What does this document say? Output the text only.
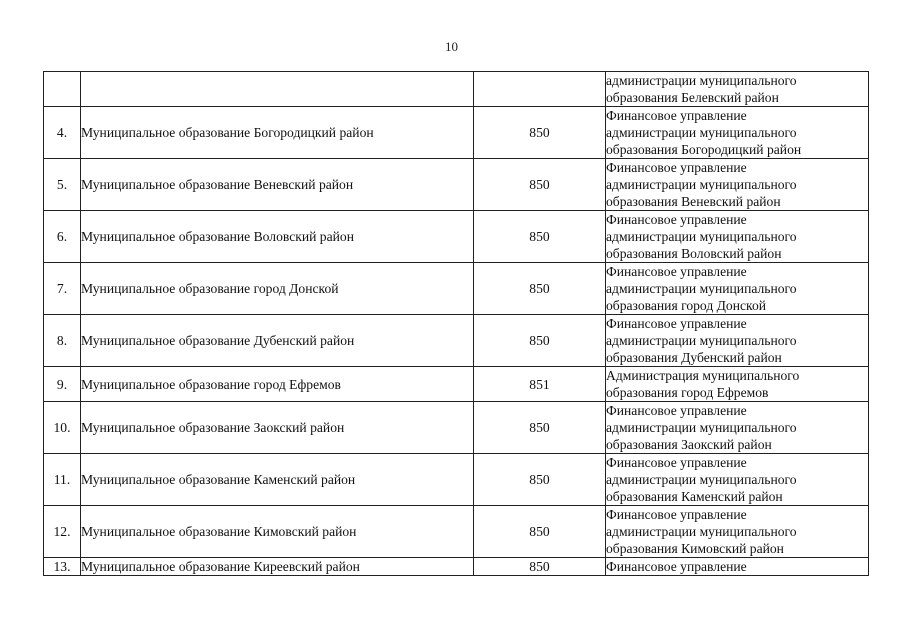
10

			администрации муниципального
образования Белевский район

4.	Муниципальное образование Богородицкий район	850	Финансовое управление
администрации муниципального
образования Богородицкий район

5.	Муниципальное образование Веневский район	850	Финансовое управление
администрации муниципального
образования Веневский район

6.	Муниципальное образование Воловский район	850	Финансовое управление
администрации муниципального
образования Воловский район

7.	Муниципальное образование город Донской	850	Финансовое управление
администрации муниципального
образования город Донской

8.	Муниципальное образование Дубенский район	850	Финансовое управление
администрации муниципального
образования Дубенский район

9.	Муниципальное образование город Ефремов	851	Администрация муниципального
образования город Ефремов

10.	Муниципальное образование Заокский район	850	Финансовое управление
администрации муниципального
образования Заокский район

11.	Муниципальное образование Каменский район	850	Финансовое управление
администрации муниципального
образования Каменский район

12.	Муниципальное образование Кимовский район	850	Финансовое управление
администрации муниципального
образования Кимовский район

13.	Муниципальное образование Киреевский район	850	Финансовое управление
